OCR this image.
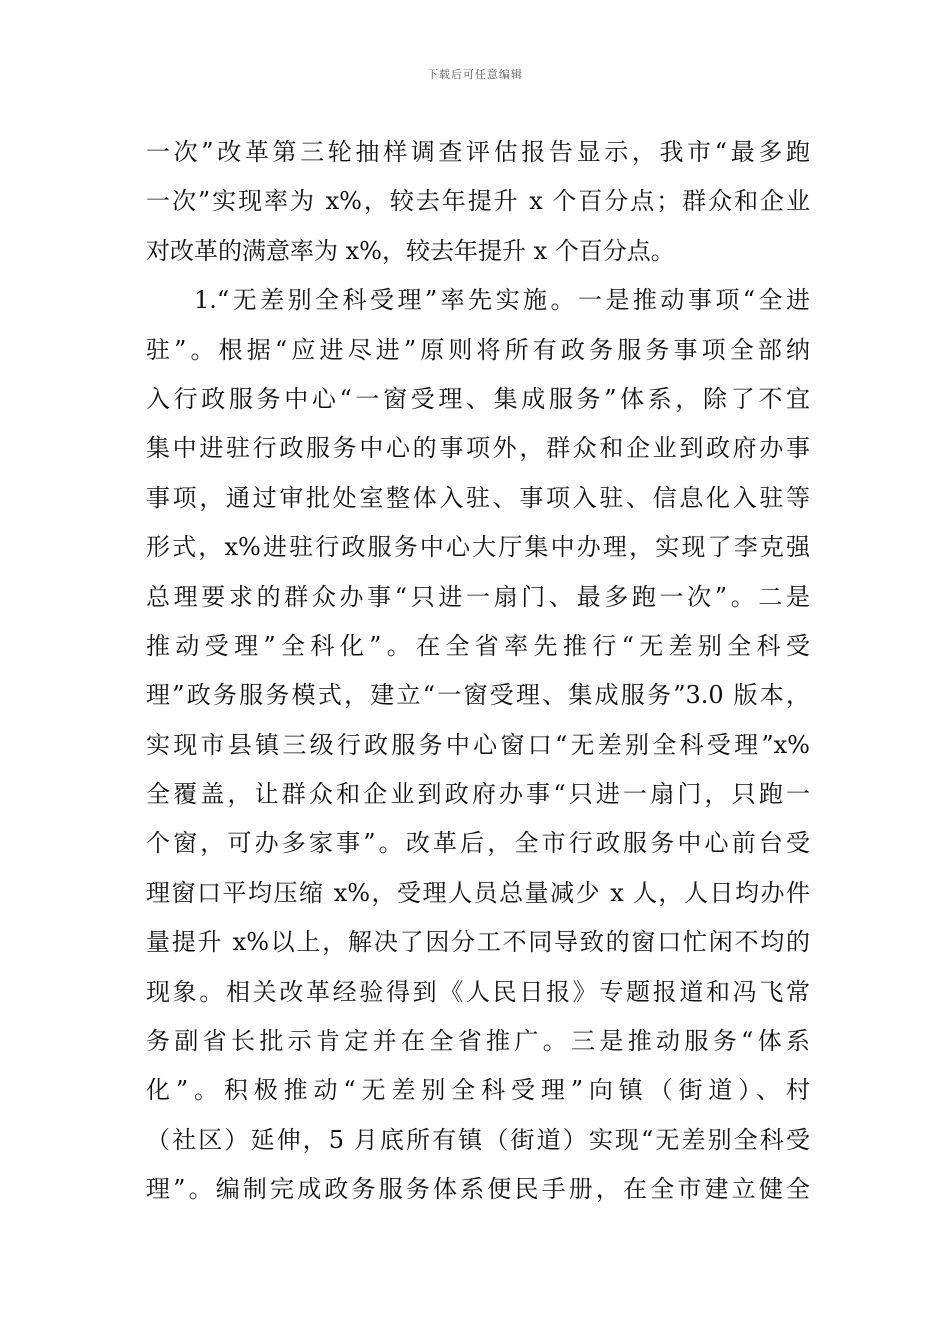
下载后可任意编辑
一次”改革第三轮抽样调查评估报告显示，我市“最多跑
一次”实现率为 x%，较去年提升 x 个百分点；群众和企业
对改革的满意率为 x%，较去年提升 x 个百分点。
1.“无差别全科受理”率先实施。一是推动事项“全进
驻”。根据“应进尽进”原则将所有政务服务事项全部纳
入行政服务中心“一窗受理、集成服务”体系，除了不宜
集中进驻行政服务中心的事项外，群众和企业到政府办事
事项，通过审批处室整体入驻、事项入驻、信息化入驻等
形式，x%进驻行政服务中心大厅集中办理，实现了李克强
总理要求的群众办事“只进一扇门、最多跑一次”。二是
推动受理”全科化”。在全省率先推行“无差别全科受
理”政务服务模式，建立“一窗受理、集成服务”3.0 版本，
实现市县镇三级行政服务中心窗口“无差别全科受理”x%
全覆盖，让群众和企业到政府办事“只进一扇门，只跑一
个窗，可办多家事”。改革后，全市行政服务中心前台受
理窗口平均压缩 x%，受理人员总量减少 x 人，人日均办件
量提升 x%以上，解决了因分工不同导致的窗口忙闲不均的
现象。相关改革经验得到《人民日报》专题报道和冯飞常
务副省长批示肯定并在全省推广。三是推动服务“体系
化”。积极推动“无差别全科受理”向镇（街道）、村
（社区）延伸，5 月底所有镇（街道）实现“无差别全科受
理”。编制完成政务服务体系便民手册，在全市建立健全
